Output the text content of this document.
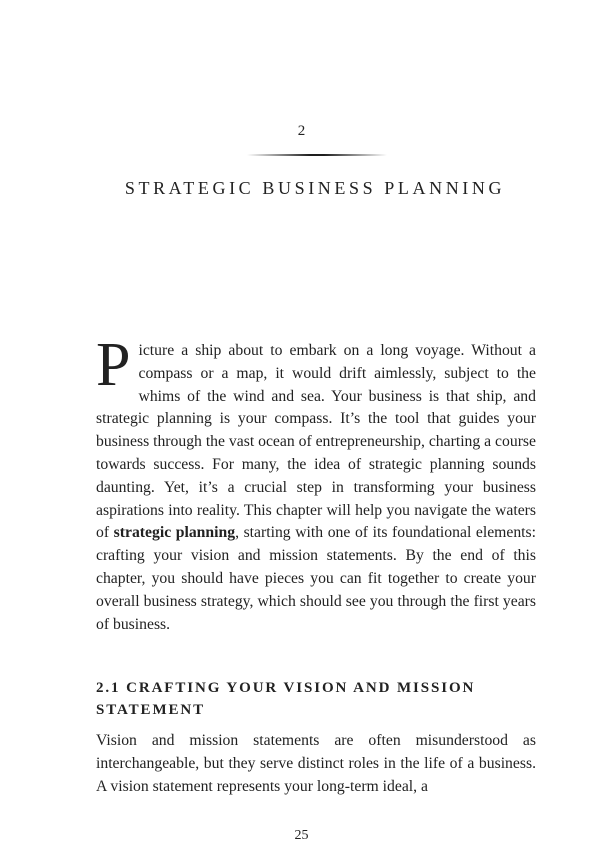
2
STRATEGIC BUSINESS PLANNING

Picture a ship about to embark on a long voyage. Without a compass or a map, it would drift aimlessly, subject to the whims of the wind and sea. Your business is that ship, and strategic planning is your compass. It’s the tool that guides your business through the vast ocean of entrepreneurship, charting a course towards success. For many, the idea of strategic planning sounds daunting. Yet, it’s a crucial step in transforming your business aspirations into reality. This chapter will help you navigate the waters of strategic planning, starting with one of its foundational elements: crafting your vision and mission statements. By the end of this chapter, you should have pieces you can fit together to create your overall business strategy, which should see you through the first years of business.

2.1 CRAFTING YOUR VISION AND MISSION STATEMENT

Vision and mission statements are often misunderstood as interchangeable, but they serve distinct roles in the life of a business. A vision statement represents your long-term ideal, a

25
